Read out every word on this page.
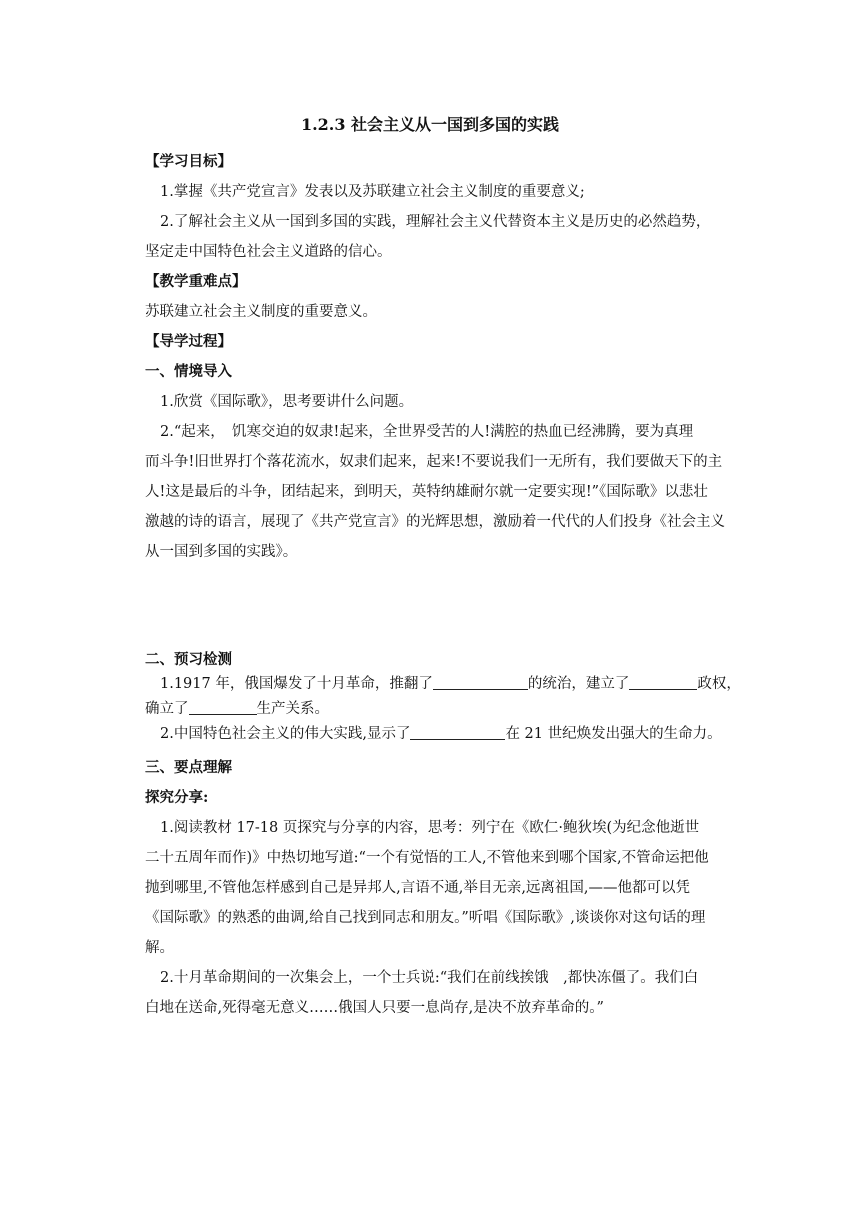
1.2.3 社会主义从一国到多国的实践

【学习目标】

1.掌握《共产党宣言》发表以及苏联建立社会主义制度的重要意义;

2.了解社会主义从一国到多国的实践，理解社会主义代替资本主义是历史的必然趋势，

坚定走中国特色社会主义道路的信心。

【教学重难点】

苏联建立社会主义制度的重要意义。

【导学过程】

一、情境导入

1.欣赏《国际歌》，思考要讲什么问题。

2.“起来，　饥寒交迫的奴隶!起来，全世界受苦的人!满腔的热血已经沸腾，要为真理

而斗争!旧世界打个落花流水，奴隶们起来，起来!不要说我们一无所有，我们要做天下的主

人!这是最后的斗争，团结起来，到明天，英特纳雄耐尔就一定要实现!”《国际歌》以悲壮

激越的诗的语言，展现了《共产党宣言》的光辉思想，激励着一代代的人们投身《社会主义

从一国到多国的实践》。

二、预习检测

1.1917 年，俄国爆发了十月革命，推翻了	的统治，建立了	政权，

确立了	生产关系。

2.中国特色社会主义的伟大实践,显示了	在 21 世纪焕发出强大的生命力。

三、要点理解

探究分享:

1.阅读教材 17-18 页探究与分享的内容，思考：列宁在《欧仁·鲍狄埃(为纪念他逝世

二十五周年而作)》中热切地写道:“一个有觉悟的工人,不管他来到哪个国家,不管命运把他

抛到哪里,不管他怎样感到自己是异邦人,言语不通,举目无亲,远离祖国,——他都可以凭

《国际歌》的熟悉的曲调,给自己找到同志和朋友。”听唱《国际歌》,谈谈你对这句话的理

解。

2.十月革命期间的一次集会上，一个士兵说:“我们在前线挨饿　,都快冻僵了。我们白

白地在送命,死得毫无意义……俄国人只要一息尚存,是决不放弃革命的。”
